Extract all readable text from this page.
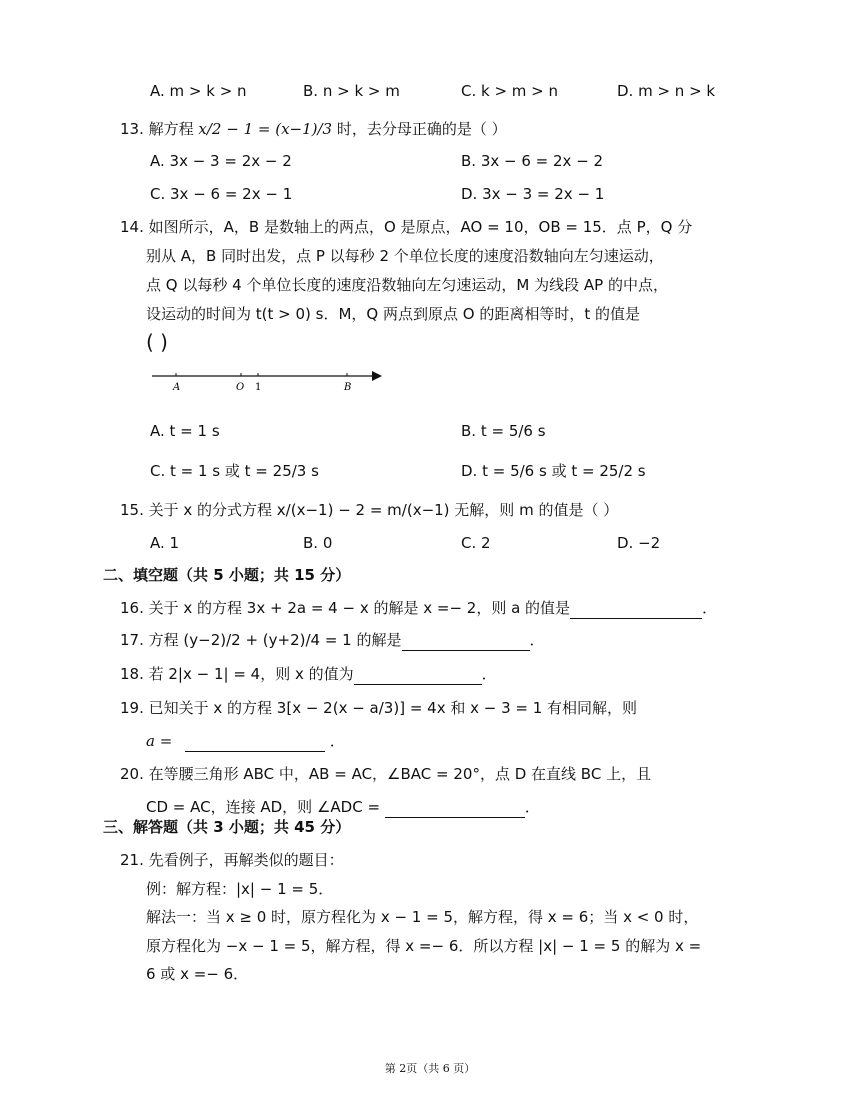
A. m > k > n	B. n > k > m	C. k > m > n	D. m > n > k
13. 解方程 x/2 − 1 = (x−1)/3 时，去分母正确的是（ ）
A. 3x − 3 = 2x − 2	B. 3x − 6 = 2x − 2
C. 3x − 6 = 2x − 1	D. 3x − 3 = 2x − 1
14. 如图所示，A，B 是数轴上的两点，O 是原点，AO = 10，OB = 15．点 P，Q 分
别从 A，B 同时出发，点 P 以每秒 2 个单位长度的速度沿数轴向左匀速运动，
点 Q 以每秒 4 个单位长度的速度沿数轴向左匀速运动，M 为线段 AP 的中点，
设运动的时间为 t(t > 0) s．M，Q 两点到原点 O 的距离相等时，t 的值是
( )
A	O 1	B
A. t = 1 s	B. t = 5/6 s
C. t = 1 s 或 t = 25/3 s	D. t = 5/6 s 或 t = 25/2 s
15. 关于 x 的分式方程 x/(x−1) − 2 = m/(x−1) 无解，则 m 的值是（ ）
A. 1	B. 0	C. 2	D. −2
二、填空题（共 5 小题；共 15 分）
16. 关于 x 的方程 3x + 2a = 4 − x 的解是 x =− 2，则 a 的值是	．
17. 方程 (y−2)/2 + (y+2)/4 = 1 的解是	．
18. 若 2|x − 1| = 4，则 x 的值为	．
19. 已知关于 x 的方程 3[x − 2(x − a/3)] = 4x 和 x − 3 = 1 有相同解，则
a =	．
20. 在等腰三角形 ABC 中，AB = AC，∠BAC = 20°，点 D 在直线 BC 上，且
CD = AC，连接 AD，则 ∠ADC =	．
三、解答题（共 3 小题；共 45 分）
21. 先看例子，再解类似的题目：
例：解方程：|x| − 1 = 5．
解法一：当 x ≥ 0 时，原方程化为 x − 1 = 5，解方程，得 x = 6；当 x < 0 时，
原方程化为 −x − 1 = 5，解方程，得 x =− 6．所以方程 |x| − 1 = 5 的解为 x =
6 或 x =− 6．
第 2页（共 6 页）
